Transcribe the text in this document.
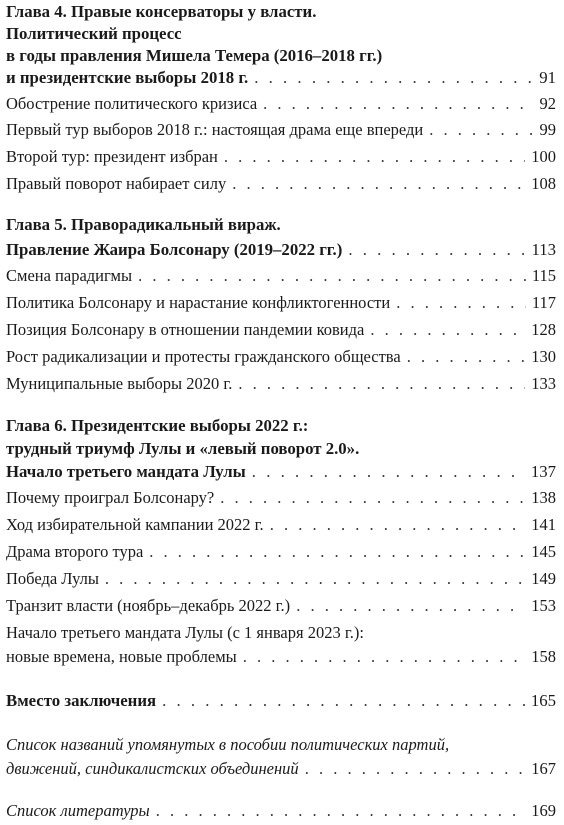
Глава 4. Правые консерваторы у власти.
Политический процесс
в годы правления Мишела Темера (2016–2018 гг.)
и президентские выборы 2018 г. . . .	91
Обострение политического кризиса . . .	92
Первый тур выборов 2018 г.: настоящая драма еще впереди . . .	99
Второй тур: президент избран . . .	100
Правый поворот набирает силу . . .	108
Глава 5. Праворадикальный вираж.
Правление Жаира Болсонару (2019–2022 гг.) . . .	113
Смена парадигмы . . .	115
Политика Болсонару и нарастание конфликтогенности . . .	117
Позиция Болсонару в отношении пандемии ковида . . .	128
Рост радикализации и протесты гражданского общества . . .	130
Муниципальные выборы 2020 г. . . .	133
Глава 6. Президентские выборы 2022 г.:
трудный триумф Лулы и «левый поворот 2.0».
Начало третьего мандата Лулы . . .	137
Почему проиграл Болсонару? . . .	138
Ход избирательной кампании 2022 г. . . .	141
Драма второго тура . . .	145
Победа Лулы . . .	149
Транзит власти (ноябрь–декабрь 2022 г.) . . .	153
Начало третьего мандата Лулы (с 1 января 2023 г.):
новые времена, новые проблемы . . .	158
Вместо заключения . . .	165
Список названий упомянутых в пособии политических партий,
движений, синдикалистских объединений . . .	167
Список литературы . . .	169
